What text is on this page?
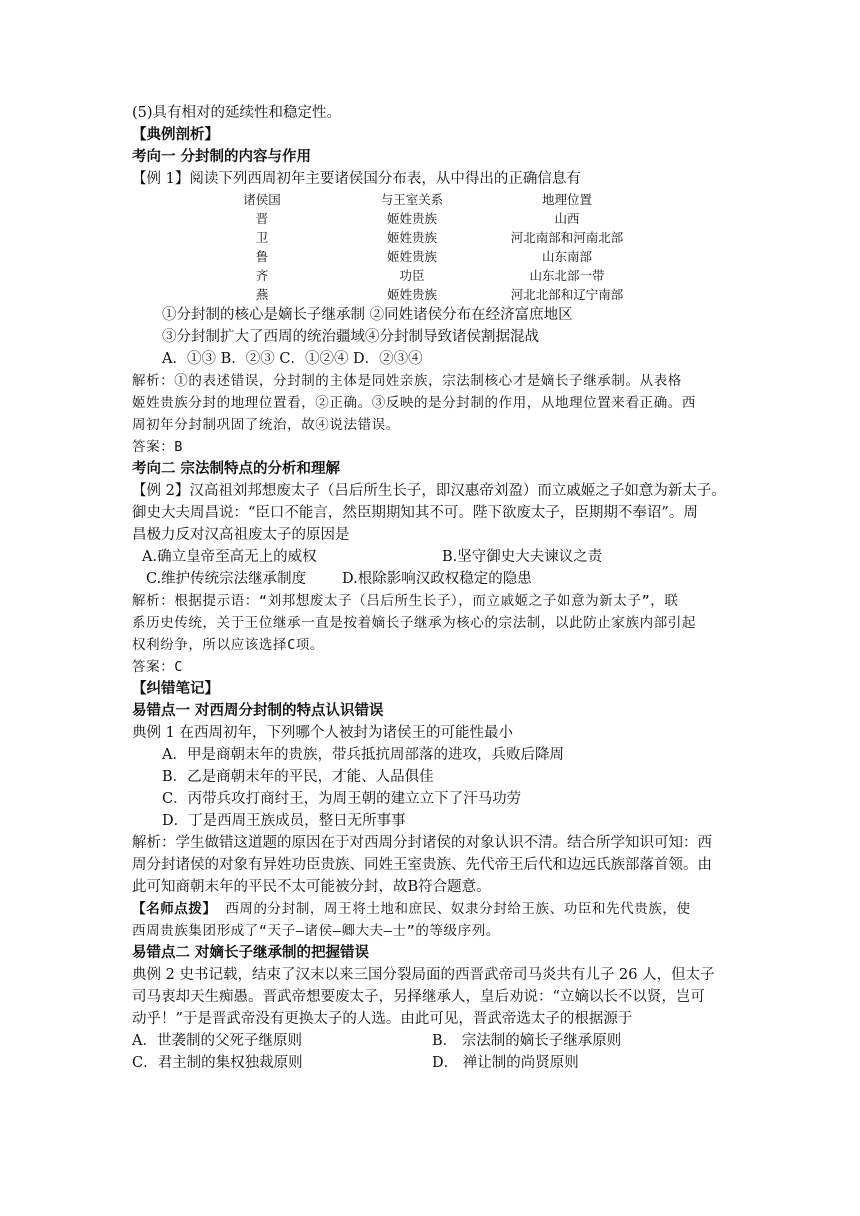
(5)具有相对的延续性和稳定性。

【典例剖析】

考向一 分封制的内容与作用

【例 1】阅读下列西周初年主要诸侯国分布表，从中得出的正确信息有

诸侯国	与王室关系	地理位置
晋	姬姓贵族	山西
卫	姬姓贵族	河北南部和河南北部
鲁	姬姓贵族	山东南部
齐	功臣	山东北部一带
燕	姬姓贵族	河北北部和辽宁南部

①分封制的核心是嫡长子继承制 ②同姓诸侯分布在经济富庶地区

③分封制扩大了西周的统治疆域④分封制导致诸侯割据混战

A．①③ B．②③ C．①②④ D．②③④

解析：①的表述错误，分封制的主体是同姓亲族，宗法制核心才是嫡长子继承制。从表格

姬姓贵族分封的地理位置看，②正确。③反映的是分封制的作用，从地理位置来看正确。西

周初年分封制巩固了统治，故④说法错误。

答案：B

考向二 宗法制特点的分析和理解

【例 2】汉高祖刘邦想废太子（吕后所生长子，即汉惠帝刘盈）而立戚姬之子如意为新太子。

御史大夫周昌说：“臣口不能言，然臣期期知其不可。陛下欲废太子，臣期期不奉诏”。周

昌极力反对汉高祖废太子的原因是

A.确立皇帝至高无上的威权	B.坚守御史大夫谏议之责
C.维护传统宗法继承制度	D.根除影响汉政权稳定的隐患

解析：根据提示语：“刘邦想废太子（吕后所生长子），而立戚姬之子如意为新太子”，联

系历史传统，关于王位继承一直是按着嫡长子继承为核心的宗法制，以此防止家族内部引起

权利纷争，所以应该选择C项。

答案：C

【纠错笔记】

易错点一 对西周分封制的特点认识错误

典例 1 在西周初年，下列哪个人被封为诸侯王的可能性最小

A．甲是商朝末年的贵族，带兵抵抗周部落的进攻，兵败后降周

B．乙是商朝末年的平民，才能、人品俱佳

C．丙带兵攻打商纣王，为周王朝的建立立下了汗马功劳

D．丁是西周王族成员，整日无所事事

解析：学生做错这道题的原因在于对西周分封诸侯的对象认识不清。结合所学知识可知：西

周分封诸侯的对象有异姓功臣贵族、同姓王室贵族、先代帝王后代和边远氏族部落首领。由

此可知商朝末年的平民不太可能被分封，故B符合题意。

【名师点拨】 西周的分封制，周王将土地和庶民、奴隶分封给王族、功臣和先代贵族，使

西周贵族集团形成了“天子—诸侯—卿大夫—士”的等级序列。

易错点二 对嫡长子继承制的把握错误

典例 2 史书记载，结束了汉末以来三国分裂局面的西晋武帝司马炎共有儿子 26 人，但太子

司马衷却天生痴愚。晋武帝想要废太子，另择继承人，皇后劝说：“立嫡以长不以贤，岂可

动乎！”于是晋武帝没有更换太子的人选。由此可见，晋武帝选太子的根据源于

A．世袭制的父死子继原则	B． 宗法制的嫡长子继承原则
C．君主制的集权独裁原则	D． 禅让制的尚贤原则
